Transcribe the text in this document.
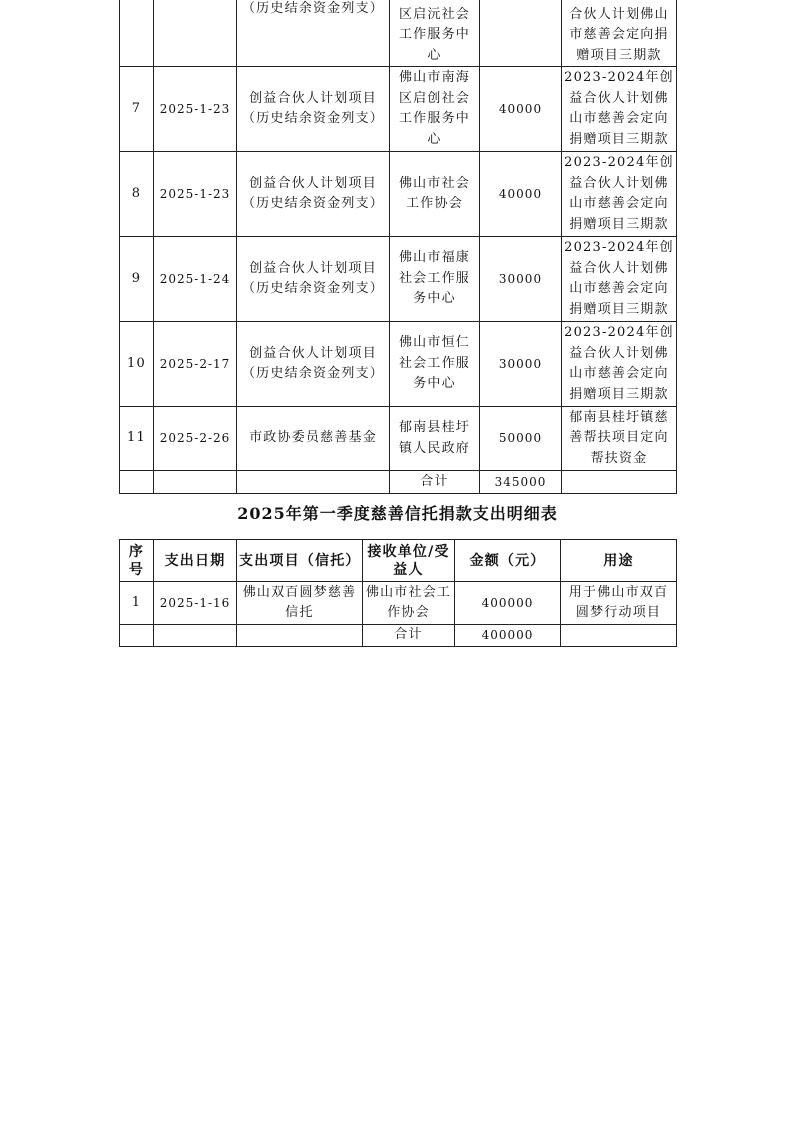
		（历史结余资金列支）	区启沅社会工作服务中心		合伙人计划佛山市慈善会定向捐赠项目三期款
7	2025-1-23	创益合伙人计划项目（历史结余资金列支）	佛山市南海区启创社会工作服务中心	40000	2023-2024年创益合伙人计划佛山市慈善会定向捐赠项目三期款
8	2025-1-23	创益合伙人计划项目（历史结余资金列支）	佛山市社会工作协会	40000	2023-2024年创益合伙人计划佛山市慈善会定向捐赠项目三期款
9	2025-1-24	创益合伙人计划项目（历史结余资金列支）	佛山市福康社会工作服务中心	30000	2023-2024年创益合伙人计划佛山市慈善会定向捐赠项目三期款
10	2025-2-17	创益合伙人计划项目（历史结余资金列支）	佛山市恒仁社会工作服务中心	30000	2023-2024年创益合伙人计划佛山市慈善会定向捐赠项目三期款
11	2025-2-26	市政协委员慈善基金	郁南县桂圩镇人民政府	50000	郁南县桂圩镇慈善帮扶项目定向帮扶资金
			合计	345000	
2025年第一季度慈善信托捐款支出明细表
序号	支出日期	支出项目（信托）	接收单位/受益人	金额（元）	用途
1	2025-1-16	佛山双百圆梦慈善信托	佛山市社会工作协会	400000	用于佛山市双百圆梦行动项目
			合计	400000	
